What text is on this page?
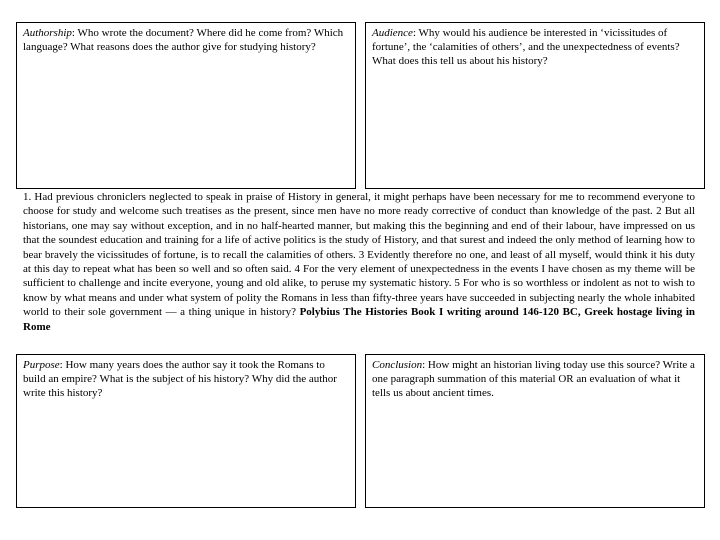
Authorship: Who wrote the document? Where did he come from? Which language? What reasons does the author give for studying history?
Audience: Why would his audience be interested in ‘vicissitudes of fortune’, the ‘calamities of others’, and the unexpectedness of events? What does this tell us about his history?
1. Had previous chroniclers neglected to speak in praise of History in general, it might perhaps have been necessary for me to recommend everyone to choose for study and welcome such treatises as the present, since men have no more ready corrective of conduct than knowledge of the past. 2 But all historians, one may say without exception, and in no half-hearted manner, but making this the beginning and end of their labour, have impressed on us that the soundest education and training for a life of active politics is the study of History, and that surest and indeed the only method of learning how to bear bravely the vicissitudes of fortune, is to recall the calamities of others. 3 Evidently therefore no one, and least of all myself, would think it his duty at this day to repeat what has been so well and so often said. 4 For the very element of unexpectedness in the events I have chosen as my theme will be sufficient to challenge and incite everyone, young and old alike, to peruse my systematic history. 5 For who is so worthless or indolent as not to wish to know by what means and under what system of polity the Romans in less than fifty-three years have succeeded in subjecting nearly the whole inhabited world to their sole government — a thing unique in history? Polybius The Histories Book I writing around 146-120 BC, Greek hostage living in Rome
Purpose: How many years does the author say it took the Romans to build an empire? What is the subject of his history? Why did the author write this history?
Conclusion: How might an historian living today use this source? Write a one paragraph summation of this material OR an evaluation of what it tells us about ancient times.
